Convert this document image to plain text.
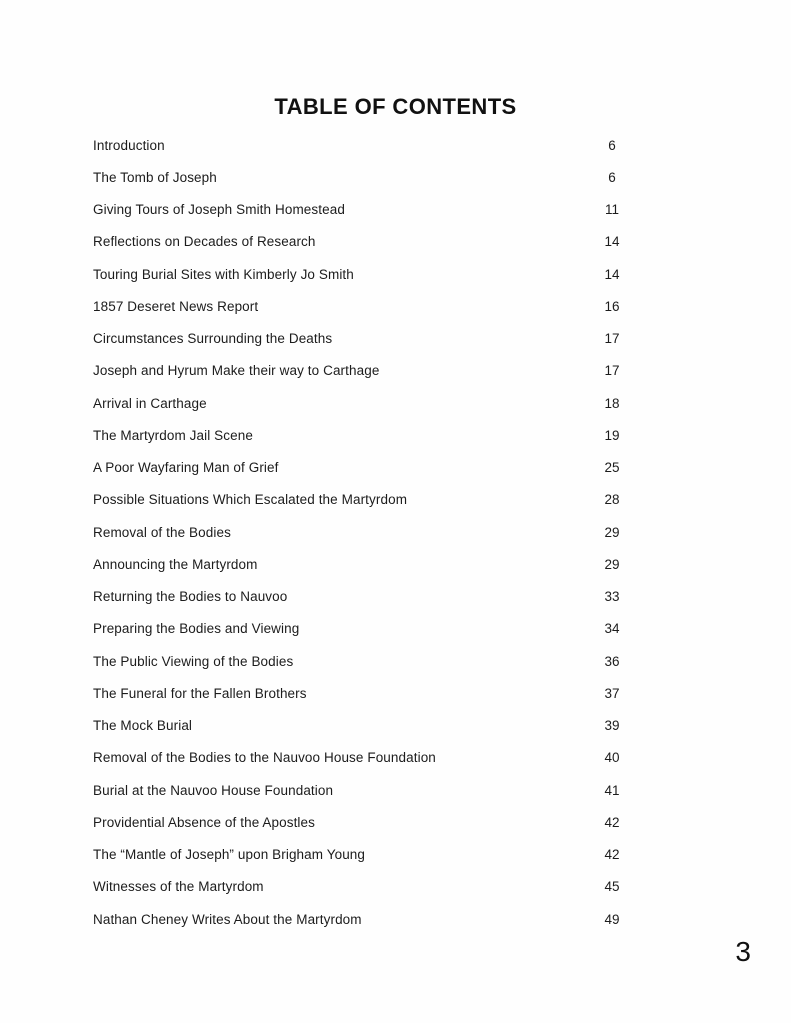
TABLE OF CONTENTS
Introduction	6
The Tomb of Joseph	6
Giving Tours of Joseph Smith Homestead	11
Reflections on Decades of Research	14
Touring Burial Sites with Kimberly Jo Smith	14
1857 Deseret News Report	16
Circumstances Surrounding the Deaths	17
Joseph and Hyrum Make their way to Carthage	17
Arrival in Carthage	18
The Martyrdom Jail Scene	19
A Poor Wayfaring Man of Grief	25
Possible Situations Which Escalated the Martyrdom	28
Removal of the Bodies	29
Announcing the Martyrdom	29
Returning the Bodies to Nauvoo	33
Preparing the Bodies and Viewing	34
The Public Viewing of the Bodies	36
The Funeral for the Fallen Brothers	37
The Mock Burial	39
Removal of the Bodies to the Nauvoo House Foundation	40
Burial at the Nauvoo House Foundation	41
Providential Absence of the Apostles	42
The “Mantle of Joseph” upon Brigham Young	42
Witnesses of the Martyrdom	45
Nathan Cheney Writes About the Martyrdom	49
3
